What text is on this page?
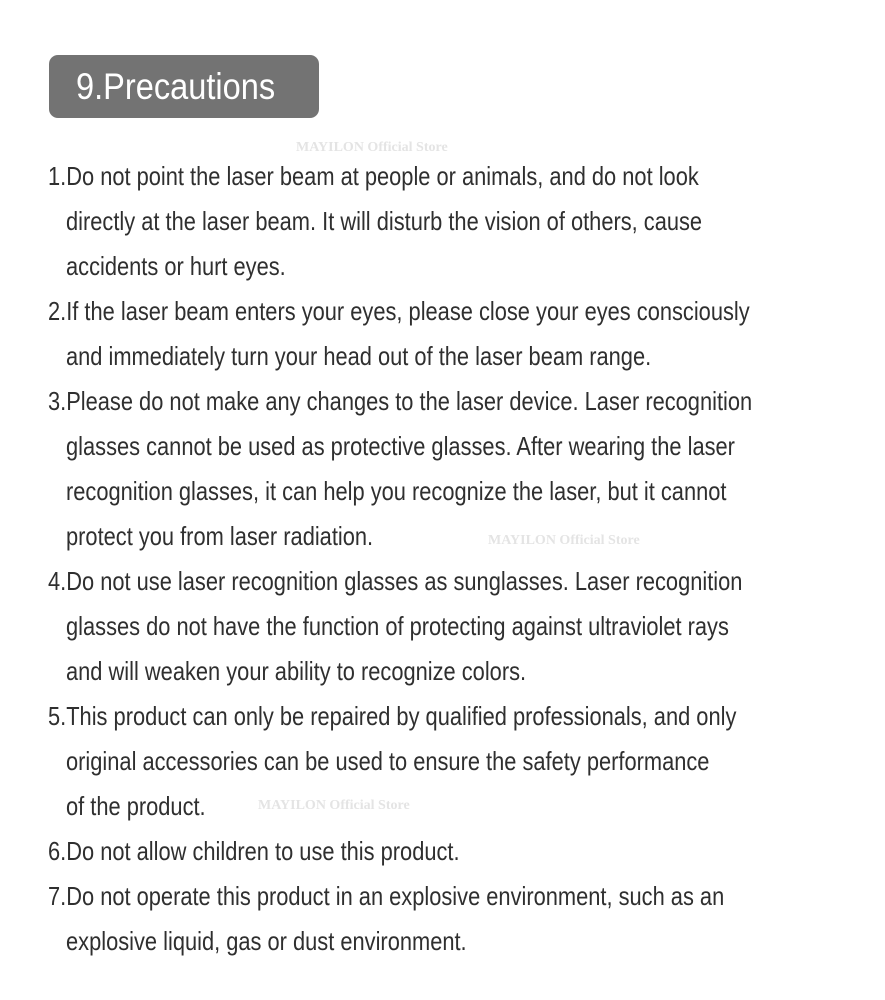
9.Precautions
MAYILON Official Store
MAYILON Official Store
MAYILON Official Store
1.Do not point the laser beam at people or animals, and do not look
directly at the laser beam. It will disturb the vision of others, cause
accidents or hurt eyes.
2.If the laser beam enters your eyes, please close your eyes consciously
and immediately turn your head out of the laser beam range.
3.Please do not make any changes to the laser device. Laser recognition
glasses cannot be used as protective glasses. After wearing the laser
recognition glasses, it can help you recognize the laser, but it cannot
protect you from laser radiation.
4.Do not use laser recognition glasses as sunglasses. Laser recognition
glasses do not have the function of protecting against ultraviolet rays
and will weaken your ability to recognize colors.
5.This product can only be repaired by qualified professionals, and only
original accessories can be used to ensure the safety performance
of the product.
6.Do not allow children to use this product.
7.Do not operate this product in an explosive environment, such as an
explosive liquid, gas or dust environment.
